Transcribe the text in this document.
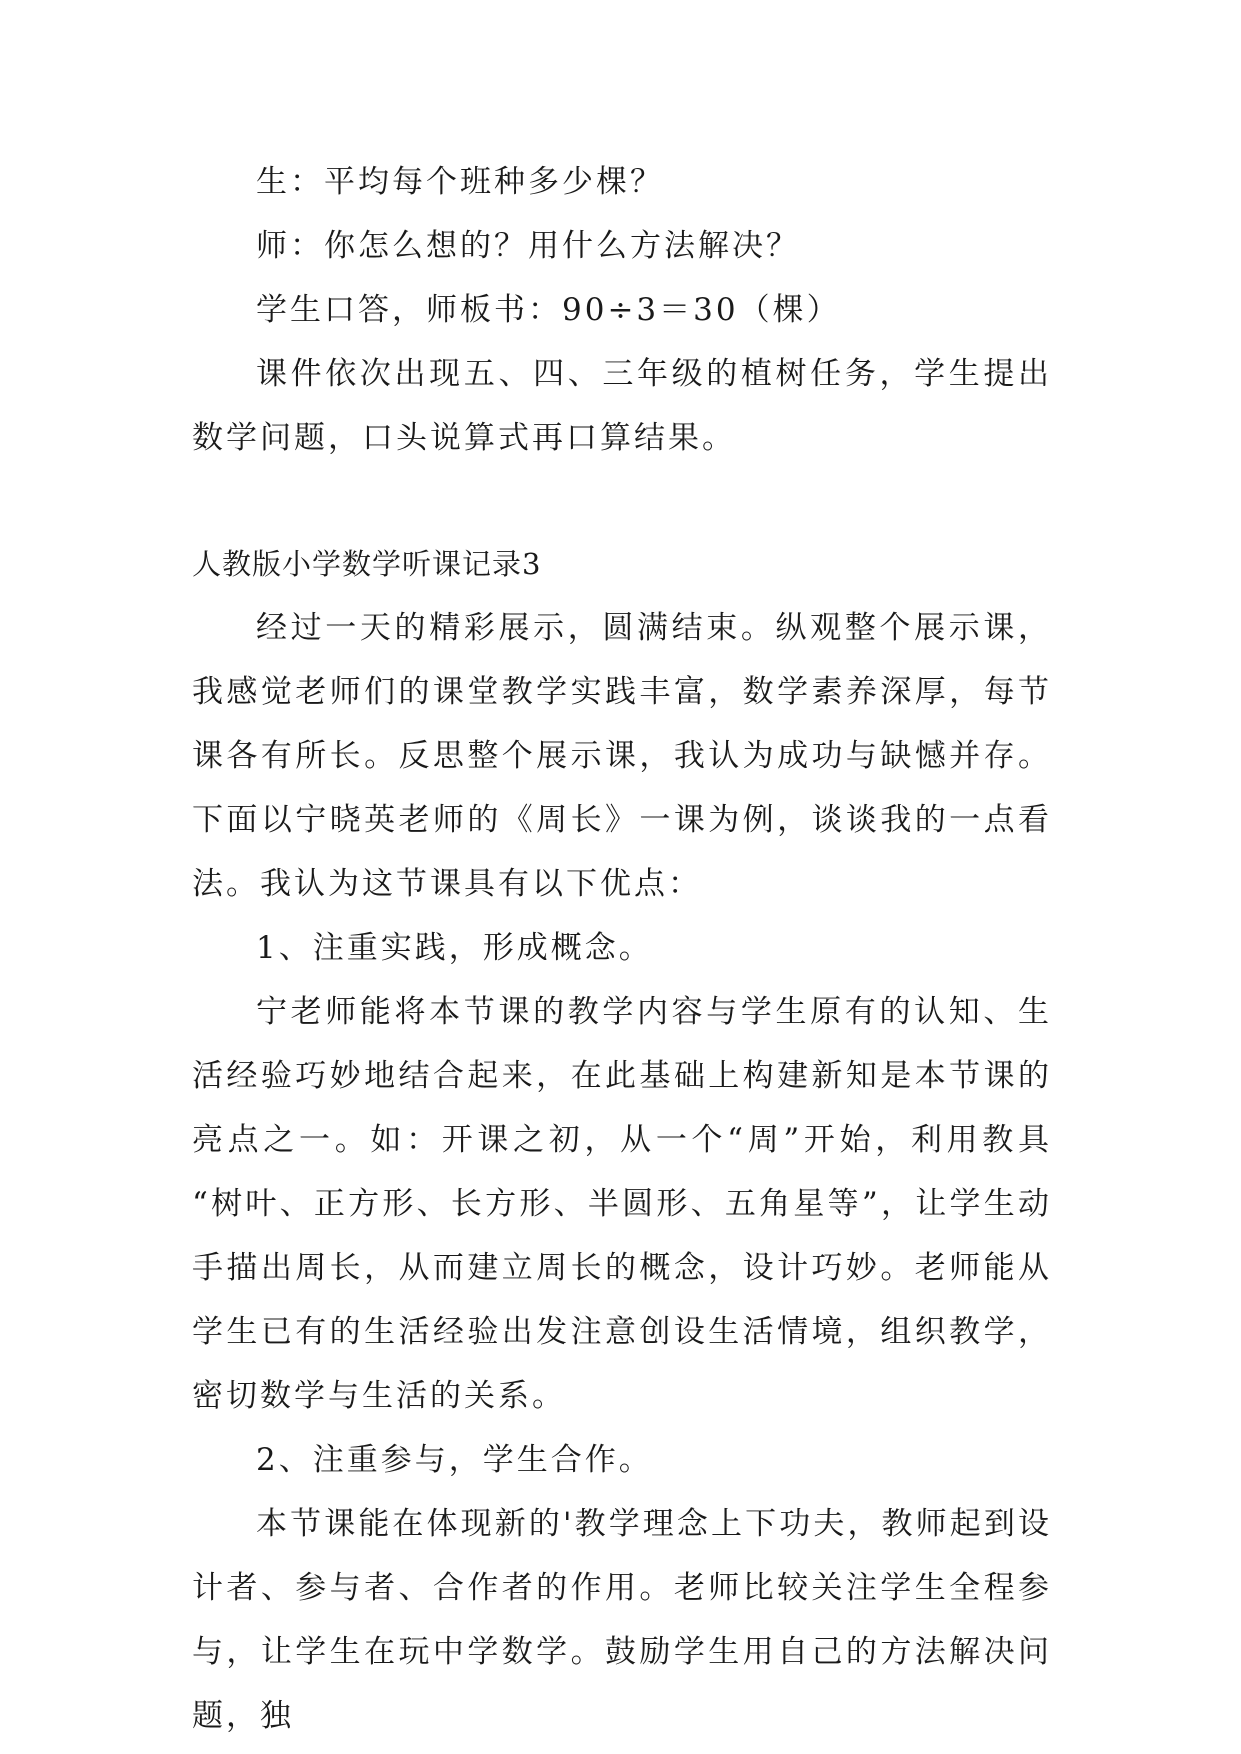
生：平均每个班种多少棵？

师：你怎么想的？用什么方法解决？

学生口答，师板书：90÷3＝30（棵）

课件依次出现五、四、三年级的植树任务，学生提出数学问题，口头说算式再口算结果。

人教版小学数学听课记录3

经过一天的精彩展示，圆满结束。纵观整个展示课，我感觉老师们的课堂教学实践丰富，数学素养深厚，每节课各有所长。反思整个展示课，我认为成功与缺憾并存。下面以宁晓英老师的《周长》一课为例，谈谈我的一点看法。我认为这节课具有以下优点：

1、注重实践，形成概念。

宁老师能将本节课的教学内容与学生原有的认知、生活经验巧妙地结合起来，在此基础上构建新知是本节课的亮点之一。如：开课之初，从一个“周”开始，利用教具 “树叶、正方形、长方形、半圆形、五角星等”，让学生动手描出周长，从而建立周长的概念，设计巧妙。老师能从学生已有的生活经验出发注意创设生活情境，组织教学，密切数学与生活的关系。

2、注重参与，学生合作。

本节课能在体现新的'教学理念上下功夫，教师起到设计者、参与者、合作者的作用。老师比较关注学生全程参与，让学生在玩中学数学。鼓励学生用自己的方法解决问题，独
